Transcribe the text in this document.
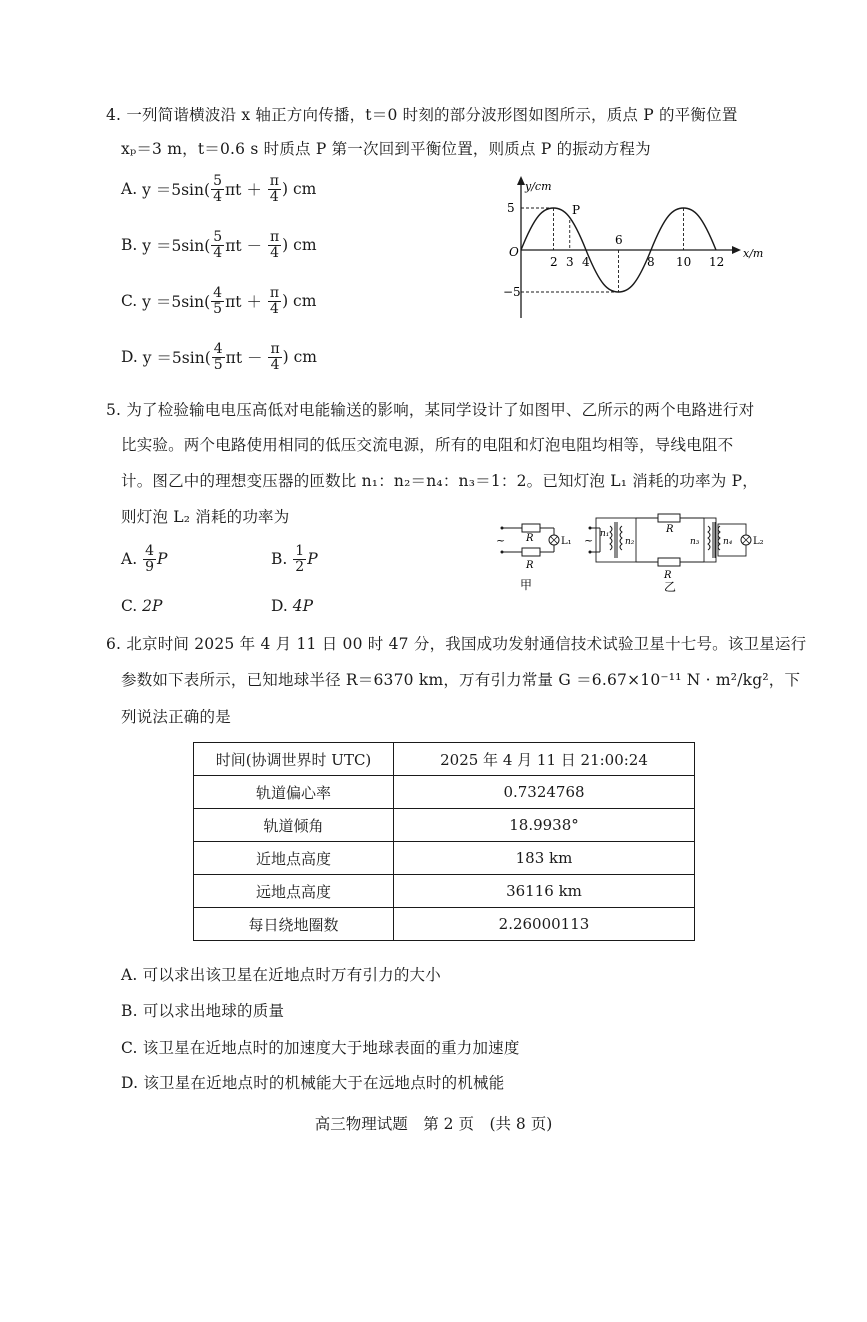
4. 一列简谐横波沿 x 轴正方向传播，t＝0 时刻的部分波形图如图所示，质点 P 的平衡位置
xₚ＝3 m，t＝0.6 s 时质点 P 第一次回到平衡位置，则质点 P 的振动方程为
A.
$y =5\sin( \frac{5}{4}$ πt ＋
$\frac{\pi}{4}$ ) cm
B.
$y =5\sin( \frac{5}{4}$ πt －
$\frac{\pi}{4}$ ) cm
C.
$y =5\sin( \frac{4}{5}$ πt ＋
$\frac{\pi}{4}$ ) cm
D.
$y =5\sin( \frac{4}{5}$ πt －
$\frac{\pi}{4}$ ) cm
y/cm
x/m
O
5
−5
P
2 3 4
6
8 10 12
5. 为了检验输电电压高低对电能输送的影响，某同学设计了如图甲、乙所示的两个电路进行对
比实验。两个电路使用相同的低压交流电源，所有的电阻和灯泡电阻均相等，导线电阻不
计。图乙中的理想变压器的匝数比 n₁：n₂＝n₄：n₃＝1：2。已知灯泡 L₁ 消耗的功率为 P，
则灯泡 L₂ 消耗的功率为
A.
$\frac{4}{9}$ P	B.
$\frac{1}{2}$ P
C.
2P	D.
4P
~ R
R
L₁
甲
~ n₁
n₂
R
R
n₃	n₄ L₂
乙
6. 北京时间 2025 年 4 月 11 日 00 时 47 分，我国成功发射通信技术试验卫星十七号。该卫星运行
参数如下表所示，已知地球半径 R＝6370 km，万有引力常量 G ＝6.67×10⁻¹¹ N · m²/kg²，下
列说法正确的是
时间(协调世界时 UTC)	2025 年 4 月 11 日 21:00:24
轨道偏心率	0.7324768
轨道倾角	18.9938°
近地点高度	183 km
远地点高度	36116 km
每日绕地圈数	2.26000113
A. 可以求出该卫星在近地点时万有引力的大小
B. 可以求出地球的质量
C. 该卫星在近地点时的加速度大于地球表面的重力加速度
D. 该卫星在近地点时的机械能大于在远地点时的机械能
高三物理试题　第 2 页　(共 8 页)
